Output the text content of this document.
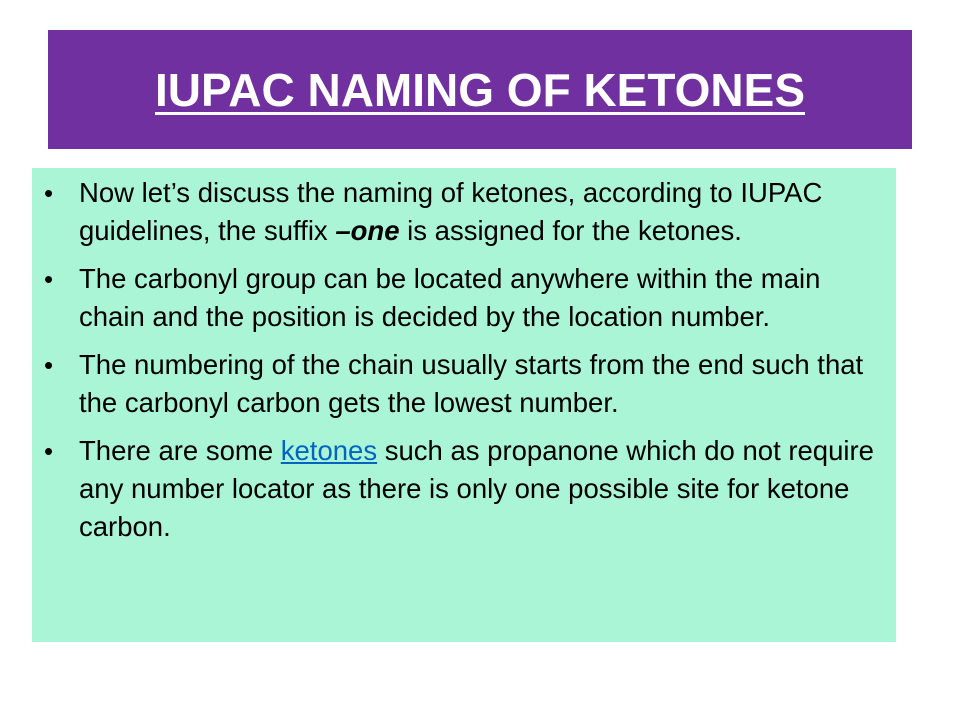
IUPAC NAMING OF KETONES
• Now let’s discuss the naming of ketones, according to IUPAC guidelines, the suffix –one is assigned for the ketones.
• The carbonyl group can be located anywhere within the main chain and the position is decided by the location number.
• The numbering of the chain usually starts from the end such that the carbonyl carbon gets the lowest number.
• There are some ketones such as propanone which do not require any number locator as there is only one possible site for ketone carbon.
